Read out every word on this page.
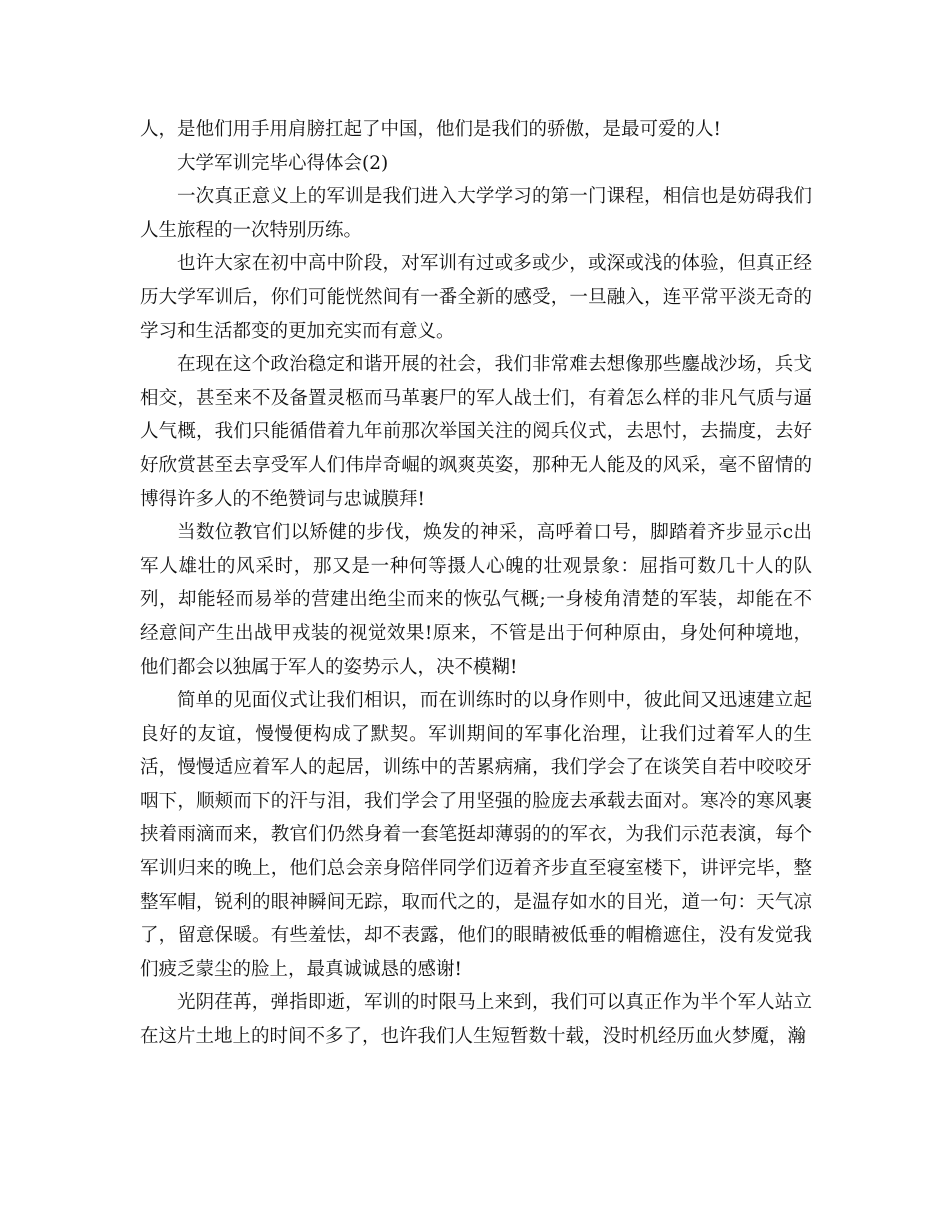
人，是他们用手用肩膀扛起了中国，他们是我们的骄傲，是最可爱的人!

大学军训完毕心得体会(2)

一次真正意义上的军训是我们进入大学学习的第一门课程，相信也是妨碍我们人生旅程的一次特别历练。

也许大家在初中高中阶段，对军训有过或多或少，或深或浅的体验，但真正经历大学军训后，你们可能恍然间有一番全新的感受，一旦融入，连平常平淡无奇的学习和生活都变的更加充实而有意义。

在现在这个政治稳定和谐开展的社会，我们非常难去想像那些鏖战沙场，兵戈相交，甚至来不及备置灵柩而马革裹尸的军人战士们，有着怎么样的非凡气质与逼人气概，我们只能循借着九年前那次举国关注的阅兵仪式，去思忖，去揣度，去好好欣赏甚至去享受军人们伟岸奇崛的飒爽英姿，那种无人能及的风采，毫不留情的博得许多人的不绝赞词与忠诚膜拜!

当数位教官们以矫健的步伐，焕发的神采，高呼着口号，脚踏着齐步显示c出军人雄壮的风采时，那又是一种何等摄人心魄的壮观景象：屈指可数几十人的队列，却能轻而易举的营建出绝尘而来的恢弘气概;一身棱角清楚的军装，却能在不经意间产生出战甲戎装的视觉效果!原来，不管是出于何种原由，身处何种境地，他们都会以独属于军人的姿势示人，决不模糊!

简单的见面仪式让我们相识，而在训练时的以身作则中，彼此间又迅速建立起良好的友谊，慢慢便构成了默契。军训期间的军事化治理，让我们过着军人的生活，慢慢适应着军人的起居，训练中的苦累病痛，我们学会了在谈笑自若中咬咬牙咽下，顺颊而下的汗与泪，我们学会了用坚强的脸庞去承载去面对。寒冷的寒风裹挟着雨滴而来，教官们仍然身着一套笔挺却薄弱的的军衣，为我们示范表演，每个军训归来的晚上，他们总会亲身陪伴同学们迈着齐步直至寝室楼下，讲评完毕，整整军帽，锐利的眼神瞬间无踪，取而代之的，是温存如水的目光，道一句：天气凉了，留意保暖。有些羞怯，却不表露，他们的眼睛被低垂的帽檐遮住，没有发觉我们疲乏蒙尘的脸上，最真诚诚恳的感谢!

光阴荏苒，弹指即逝，军训的时限马上来到，我们可以真正作为半个军人站立在这片土地上的时间不多了，也许我们人生短暂数十载，没时机经历血火梦魇，瀚
